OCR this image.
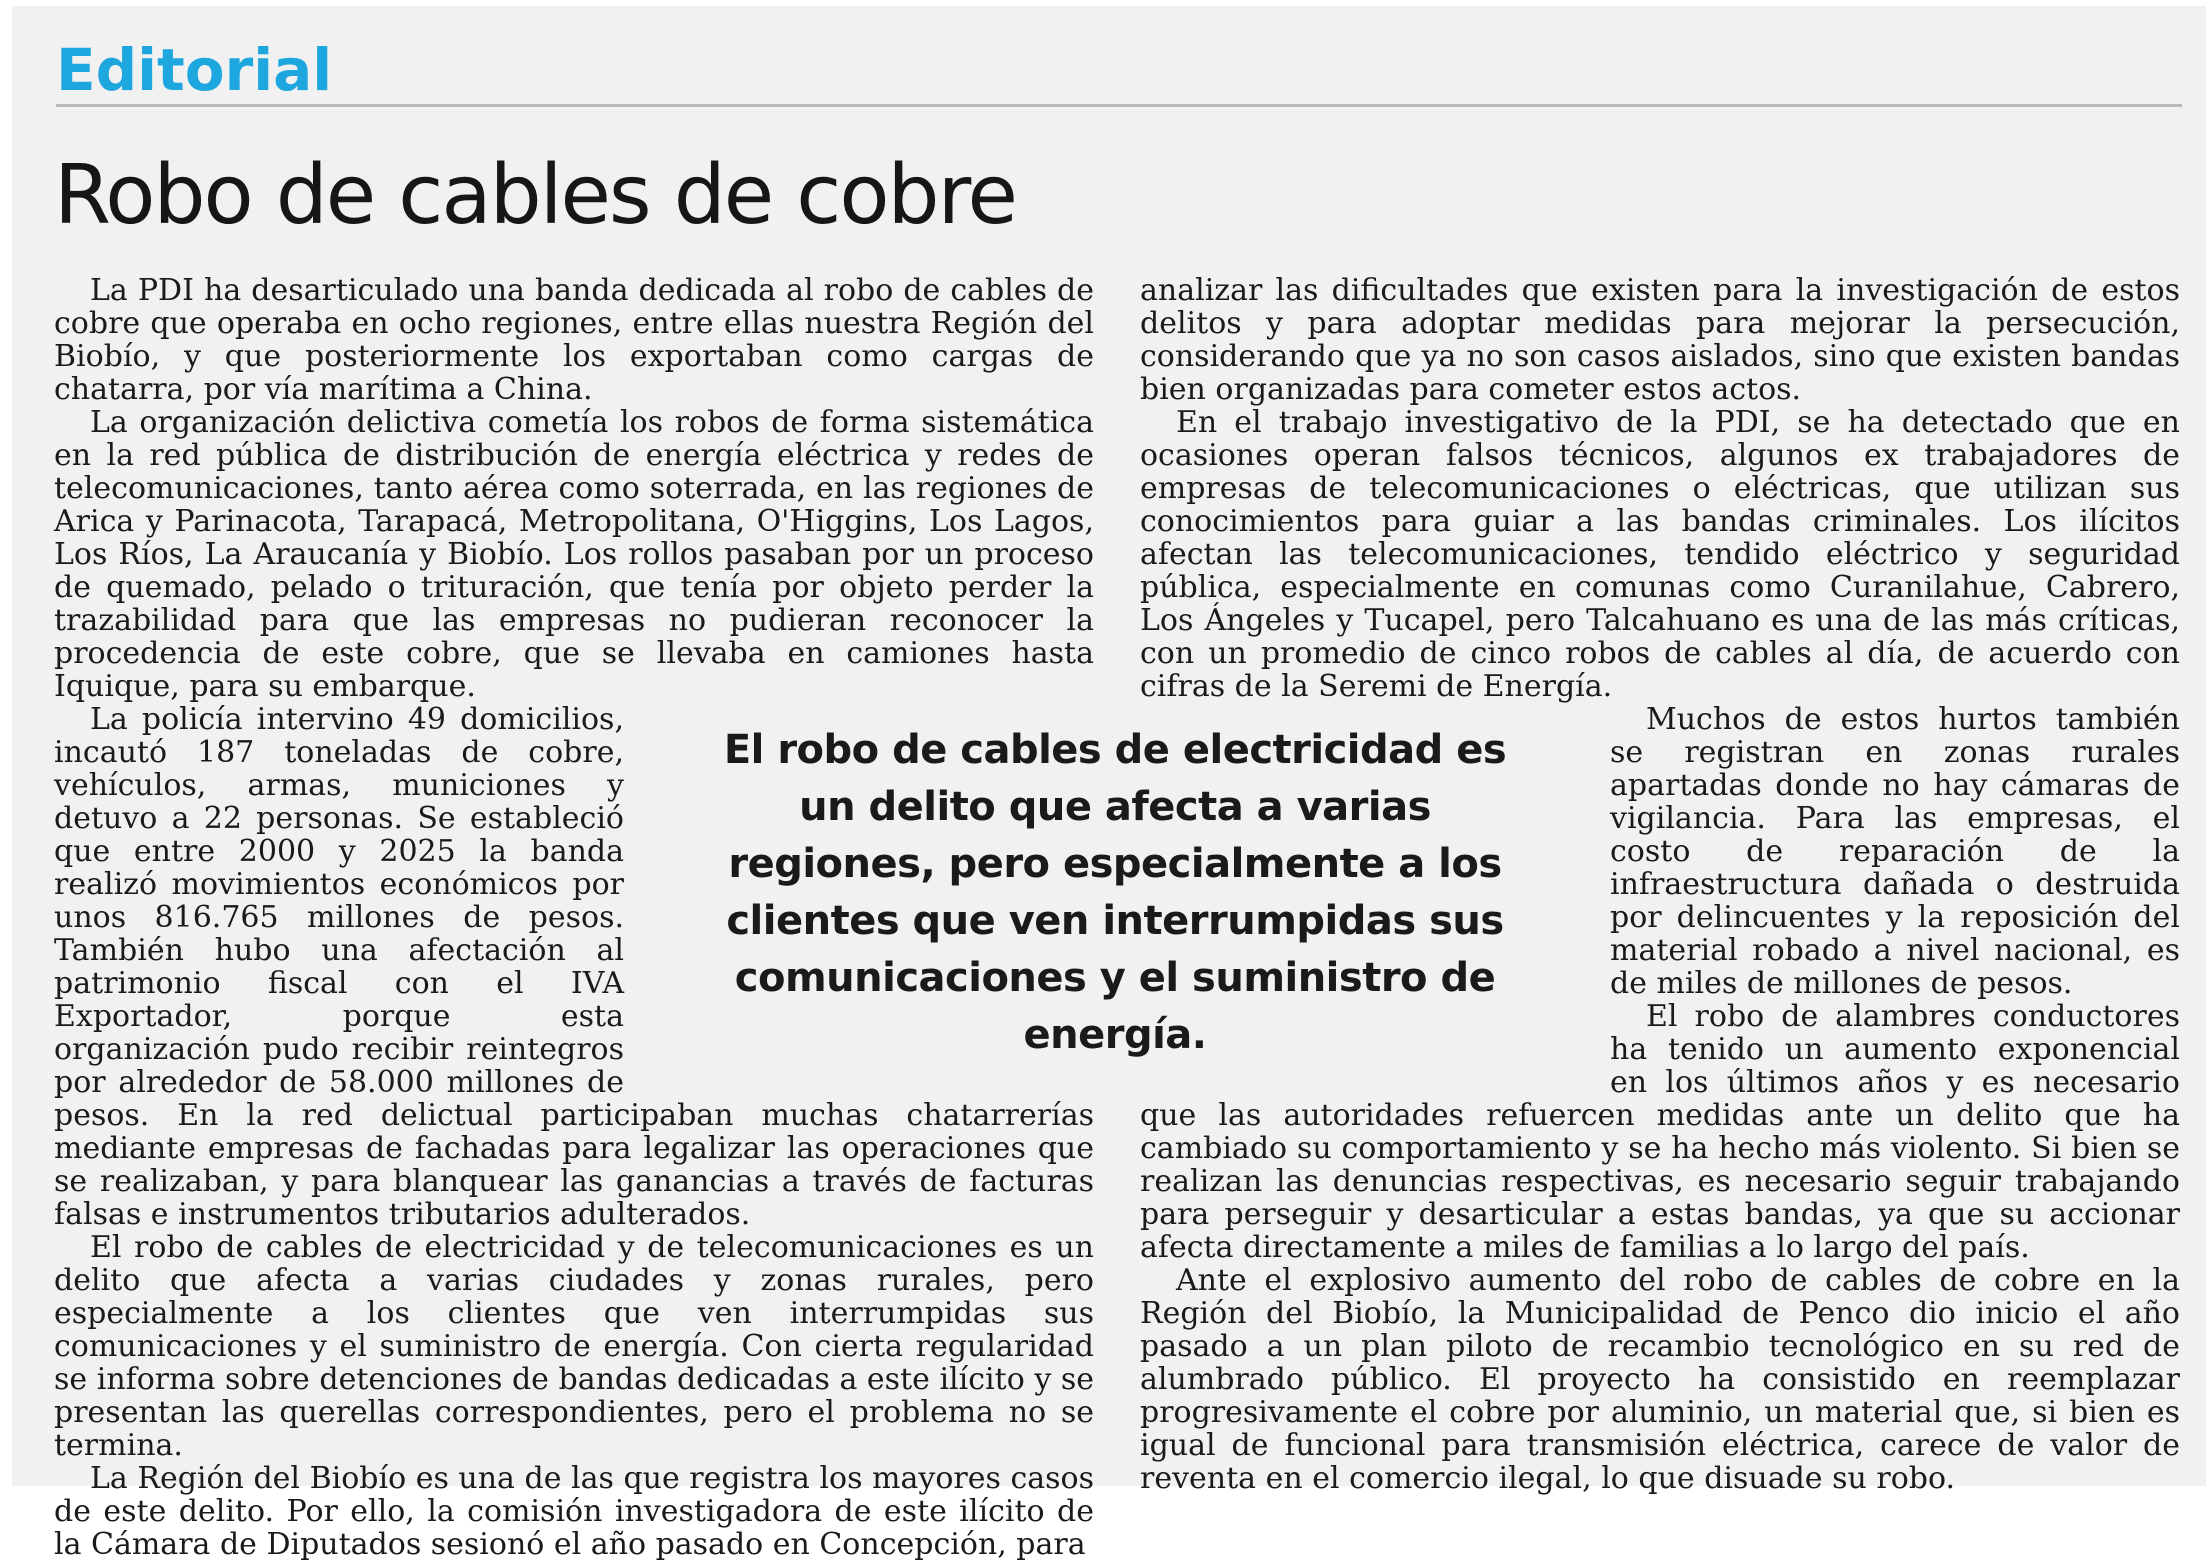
Editorial
Robo de cables de cobre

La PDI ha desarticulado una banda dedicada al robo de cables de cobre que operaba en ocho regiones, entre ellas nuestra Región del Biobío, y que posteriormente los exportaban como cargas de chatarra, por vía marítima a China.

La organización delictiva cometía los robos de forma sistemática en la red pública de distribución de energía eléctrica y redes de telecomunicaciones, tanto aérea como soterrada, en las regiones de Arica y Parinacota, Tarapacá, Metropolitana, O'Higgins, Los Lagos, Los Ríos, La Araucanía y Biobío. Los rollos pasaban por un proceso de quemado, pelado o trituración, que tenía por objeto perder la trazabilidad para que las empresas no pudieran reconocer la procedencia de este cobre, que se llevaba en camiones hasta Iquique, para su embarque.

La policía intervino 49 domicilios, incautó 187 toneladas de cobre, vehículos, armas, municiones y detuvo a 22 personas. Se estableció que entre 2000 y 2025 la banda realizó movimientos económicos por unos 816.765 millones de pesos. También hubo una afectación al patrimonio fiscal con el IVA Exportador, porque esta organización pudo recibir reintegros por alrededor de 58.000 millones de pesos. En la red delictual participaban muchas chatarrerías mediante empresas de fachadas para legalizar las operaciones que se realizaban, y para blanquear las ganancias a través de facturas falsas e instrumentos tributarios adulterados.

El robo de cables de electricidad y de telecomunicaciones es un delito que afecta a varias ciudades y zonas rurales, pero especialmente a los clientes que ven interrumpidas sus comunicaciones y el suministro de energía. Con cierta regularidad se informa sobre detenciones de bandas dedicadas a este ilícito y se presentan las querellas correspondientes, pero el problema no se termina.

La Región del Biobío es una de las que registra los mayores casos de este delito. Por ello, la comisión investigadora de este ilícito de la Cámara de Diputados sesionó el año pasado en Concepción, para

analizar las dificultades que existen para la investigación de estos delitos y para adoptar medidas para mejorar la persecución, considerando que ya no son casos aislados, sino que existen bandas bien organizadas para cometer estos actos.

En el trabajo investigativo de la PDI, se ha detectado que en ocasiones operan falsos técnicos, algunos ex trabajadores de empresas de telecomunicaciones o eléctricas, que utilizan sus conocimientos para guiar a las bandas criminales. Los ilícitos afectan las telecomunicaciones, tendido eléctrico y seguridad pública, especialmente en comunas como Curanilahue, Cabrero, Los Ángeles y Tucapel, pero Talcahuano es una de las más críticas, con un promedio de cinco robos de cables al día, de acuerdo con cifras de la Seremi de Energía.

Muchos de estos hurtos también se registran en zonas rurales apartadas donde no hay cámaras de vigilancia. Para las empresas, el costo de reparación de la infraestructura dañada o destruida por delincuentes y la reposición del material robado a nivel nacional, es de miles de millones de pesos.

El robo de alambres conductores ha tenido un aumento exponencial en los últimos años y es necesario que las autoridades refuercen medidas ante un delito que ha cambiado su comportamiento y se ha hecho más violento. Si bien se realizan las denuncias respectivas, es necesario seguir trabajando para perseguir y desarticular a estas bandas, ya que su accionar afecta directamente a miles de familias a lo largo del país.

Ante el explosivo aumento del robo de cables de cobre en la Región del Biobío, la Municipalidad de Penco dio inicio el año pasado a un plan piloto de recambio tecnológico en su red de alumbrado público. El proyecto ha consistido en reemplazar progresivamente el cobre por aluminio, un material que, si bien es igual de funcional para transmisión eléctrica, carece de valor de reventa en el comercio ilegal, lo que disuade su robo.

El robo de cables de electricidad es un delito que afecta a varias regiones, pero especialmente a los clientes que ven interrumpidas sus comunicaciones y el suministro de energía.
